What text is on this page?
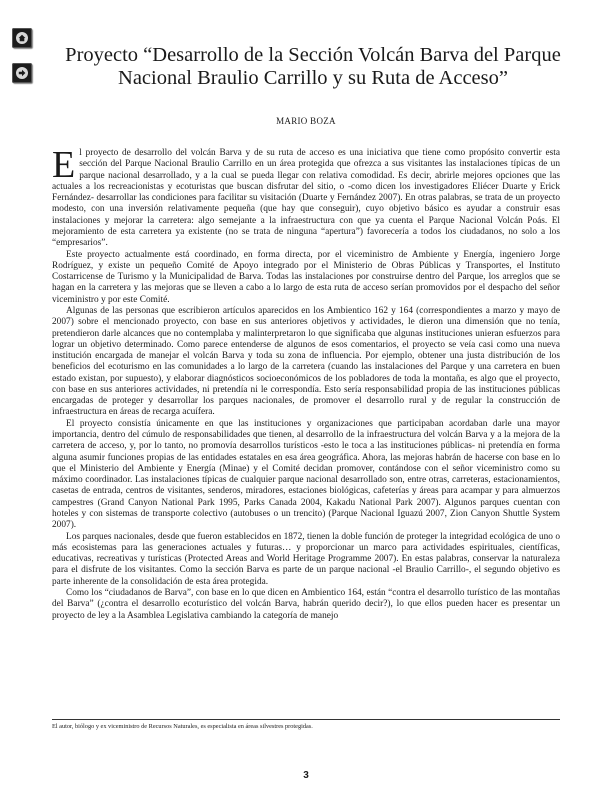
Proyecto “Desarrollo de la Sección Volcán Barva del Parque Nacional Braulio Carrillo y su Ruta de Acceso”
MARIO BOZA

El proyecto de desarrollo del volcán Barva y de su ruta de acceso es una iniciativa que tiene como propósito convertir esta sección del Parque Nacional Braulio Carrillo en un área protegida que ofrezca a sus visitantes las instalaciones típicas de un parque nacional desarrollado, y a la cual se pueda llegar con relativa comodidad. Es decir, abrirle mejores opciones que las actuales a los recreacionistas y ecoturistas que buscan disfrutar del sitio, o -como dicen los investigadores Eliécer Duarte y Erick Fernández- desarrollar las condiciones para facilitar su visitación (Duarte y Fernández 2007). En otras palabras, se trata de un proyecto modesto, con una inversión relativamente pequeña (que hay que conseguir), cuyo objetivo básico es ayudar a construir esas instalaciones y mejorar la carretera: algo semejante a la infraestructura con que ya cuenta el Parque Nacional Volcán Poás. El mejoramiento de esta carretera ya existente (no se trata de ninguna “apertura”) favorecería a todos los ciudadanos, no solo a los “empresarios”.

Este proyecto actualmente está coordinado, en forma directa, por el viceministro de Ambiente y Energía, ingeniero Jorge Rodríguez, y existe un pequeño Comité de Apoyo integrado por el Ministerio de Obras Públicas y Transportes, el Instituto Costarricense de Turismo y la Municipalidad de Barva. Todas las instalaciones por construirse dentro del Parque, los arreglos que se hagan en la carretera y las mejoras que se lleven a cabo a lo largo de esta ruta de acceso serían promovidos por el despacho del señor viceministro y por este Comité.

Algunas de las personas que escribieron artículos aparecidos en los Ambientico 162 y 164 (correspondientes a marzo y mayo de 2007) sobre el mencionado proyecto, con base en sus anteriores objetivos y actividades, le dieron una dimensión que no tenía, pretendieron darle alcances que no contemplaba y malinterpretaron lo que significaba que algunas instituciones unieran esfuerzos para lograr un objetivo determinado. Como parece entenderse de algunos de esos comentarios, el proyecto se veía casi como una nueva institución encargada de manejar el volcán Barva y toda su zona de influencia. Por ejemplo, obtener una justa distribución de los beneficios del ecoturismo en las comunidades a lo largo de la carretera (cuando las instalaciones del Parque y una carretera en buen estado existan, por supuesto), y elaborar diagnósticos socioeconómicos de los pobladores de toda la montaña, es algo que el proyecto, con base en sus anteriores actividades, ni pretendía ni le correspondía. Esto sería responsabilidad propia de las instituciones públicas encargadas de proteger y desarrollar los parques nacionales, de promover el desarrollo rural y de regular la construcción de infraestructura en áreas de recarga acuífera.

El proyecto consistía únicamente en que las instituciones y organizaciones que participaban acordaban darle una mayor importancia, dentro del cúmulo de responsabilidades que tienen, al desarrollo de la infraestructura del volcán Barva y a la mejora de la carretera de acceso, y, por lo tanto, no promovía desarrollos turísticos -esto le toca a las instituciones públicas- ni pretendía en forma alguna asumir funciones propias de las entidades estatales en esa área geográfica. Ahora, las mejoras habrán de hacerse con base en lo que el Ministerio del Ambiente y Energía (Minae) y el Comité decidan promover, contándose con el señor viceministro como su máximo coordinador. Las instalaciones típicas de cualquier parque nacional desarrollado son, entre otras, carreteras, estacionamientos, casetas de entrada, centros de visitantes, senderos, miradores, estaciones biológicas, cafeterías y áreas para acampar y para almuerzos campestres (Grand Canyon National Park 1995, Parks Canada 2004, Kakadu National Park 2007). Algunos parques cuentan con hoteles y con sistemas de transporte colectivo (autobuses o un trencito) (Parque Nacional Iguazú 2007, Zion Canyon Shuttle System 2007).

Los parques nacionales, desde que fueron establecidos en 1872, tienen la doble función de proteger la integridad ecológica de uno o más ecosistemas para las generaciones actuales y futuras… y proporcionar un marco para actividades espirituales, científicas, educativas, recreativas y turísticas (Protected Areas and World Heritage Programme 2007). En estas palabras, conservar la naturaleza para el disfrute de los visitantes. Como la sección Barva es parte de un parque nacional -el Braulio Carrillo-, el segundo objetivo es parte inherente de la consolidación de esta área protegida.

Como los “ciudadanos de Barva”, con base en lo que dicen en Ambientico 164, están “contra el desarrollo turístico de las montañas del Barva” (¿contra el desarrollo ecoturístico del volcán Barva, habrán querido decir?), lo que ellos pueden hacer es presentar un proyecto de ley a la Asamblea Legislativa cambiando la categoría de manejo

El autor, biólogo y ex viceministro de Recursos Naturales, es especialista en áreas silvestres protegidas.
3
